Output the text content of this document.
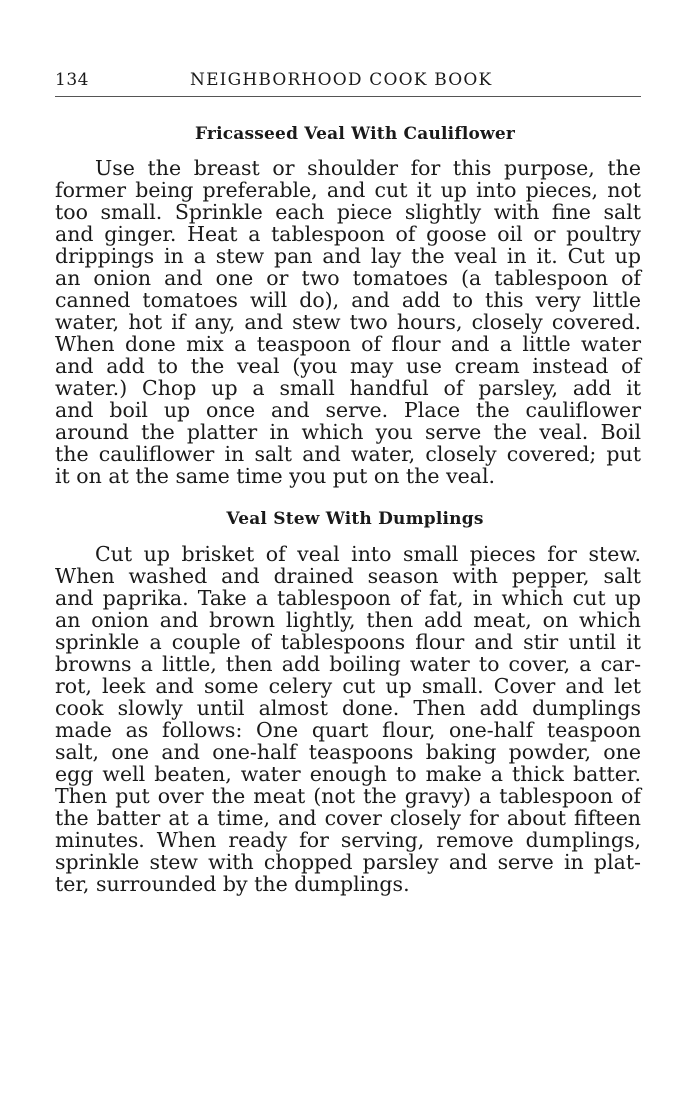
134	NEIGHBORHOOD COOK BOOK
Fricasseed Veal With Cauliflower
Use the breast or shoulder for this purpose, the
former being preferable, and cut it up into pieces, not
too small. Sprinkle each piece slightly with fine salt
and ginger. Heat a tablespoon of goose oil or poultry
drippings in a stew pan and lay the veal in it. Cut up
an onion and one or two tomatoes (a tablespoon of
canned tomatoes will do), and add to this very little
water, hot if any, and stew two hours, closely covered.
When done mix a teaspoon of flour and a little water
and add to the veal (you may use cream instead of
water.) Chop up a small handful of parsley, add it
and boil up once and serve. Place the cauliflower
around the platter in which you serve the veal. Boil
the cauliflower in salt and water, closely covered; put
it on at the same time you put on the veal.
Veal Stew With Dumplings
Cut up brisket of veal into small pieces for stew.
When washed and drained season with pepper, salt
and paprika. Take a tablespoon of fat, in which cut up
an onion and brown lightly, then add meat, on which
sprinkle a couple of tablespoons flour and stir until it
browns a little, then add boiling water to cover, a car-
rot, leek and some celery cut up small. Cover and let
cook slowly until almost done. Then add dumplings
made as follows: One quart flour, one-half teaspoon
salt, one and one-half teaspoons baking powder, one
egg well beaten, water enough to make a thick batter.
Then put over the meat (not the gravy) a tablespoon of
the batter at a time, and cover closely for about fifteen
minutes. When ready for serving, remove dumplings,
sprinkle stew with chopped parsley and serve in plat-
ter, surrounded by the dumplings.
